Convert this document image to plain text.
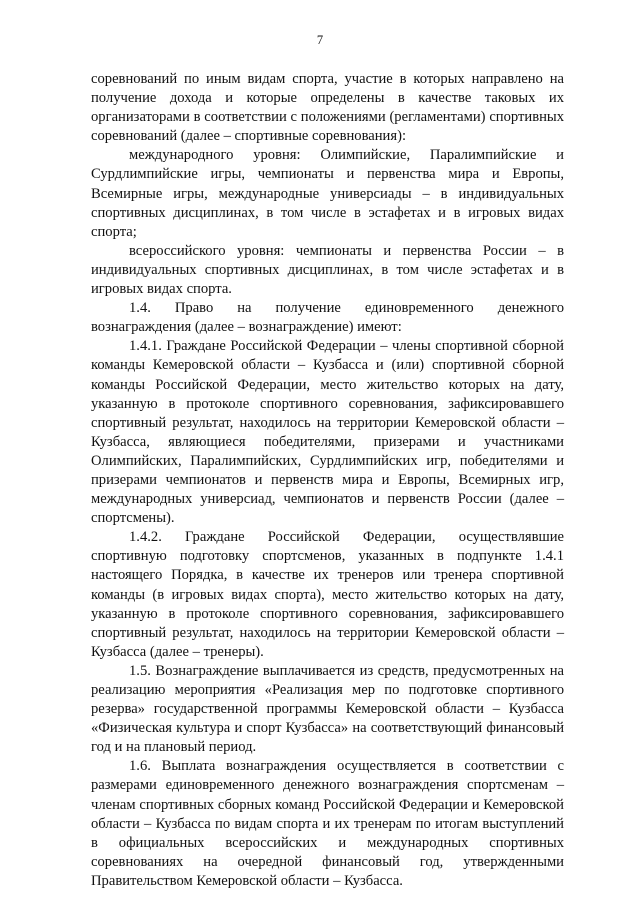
7

соревнований по иным видам спорта, участие в которых направлено на получение дохода и которые определены в качестве таковых их организаторами в соответствии с положениями (регламентами) спортивных соревнований (далее – спортивные соревнования):

международного уровня: Олимпийские, Паралимпийские и Сурдлимпийские игры, чемпионаты и первенства мира и Европы, Всемирные игры, международные универсиады – в индивидуальных спортивных дисциплинах, в том числе в эстафетах и в игровых видах спорта;

всероссийского уровня: чемпионаты и первенства России – в индивидуальных спортивных дисциплинах, в том числе эстафетах и в игровых видах спорта.

1.4. Право на получение единовременного денежного вознаграждения (далее – вознаграждение) имеют:

1.4.1. Граждане Российской Федерации – члены спортивной сборной команды Кемеровской области – Кузбасса и (или) спортивной сборной команды Российской Федерации, место жительство которых на дату, указанную в протоколе спортивного соревнования, зафиксировавшего спортивный результат, находилось на территории Кемеровской области – Кузбасса, являющиеся победителями, призерами и участниками Олимпийских, Паралимпийских, Сурдлимпийских игр, победителями и призерами чемпионатов и первенств мира и Европы, Всемирных игр, международных универсиад, чемпионатов и первенств России (далее – спортсмены).

1.4.2. Граждане Российской Федерации, осуществлявшие спортивную подготовку спортсменов, указанных в подпункте 1.4.1 настоящего Порядка, в качестве их тренеров или тренера спортивной команды (в игровых видах спорта), место жительство которых на дату, указанную в протоколе спортивного соревнования, зафиксировавшего спортивный результат, находилось на территории Кемеровской области – Кузбасса (далее – тренеры).

1.5. Вознаграждение выплачивается из средств, предусмотренных на реализацию мероприятия «Реализация мер по подготовке спортивного резерва» государственной программы Кемеровской области – Кузбасса «Физическая культура и спорт Кузбасса» на соответствующий финансовый год и на плановый период.

1.6. Выплата вознаграждения осуществляется в соответствии с размерами единовременного денежного вознаграждения спортсменам – членам спортивных сборных команд Российской Федерации и Кемеровской области – Кузбасса по видам спорта и их тренерам по итогам выступлений в официальных всероссийских и международных спортивных соревнованиях на очередной финансовый год, утвержденными Правительством Кемеровской области – Кузбасса.
